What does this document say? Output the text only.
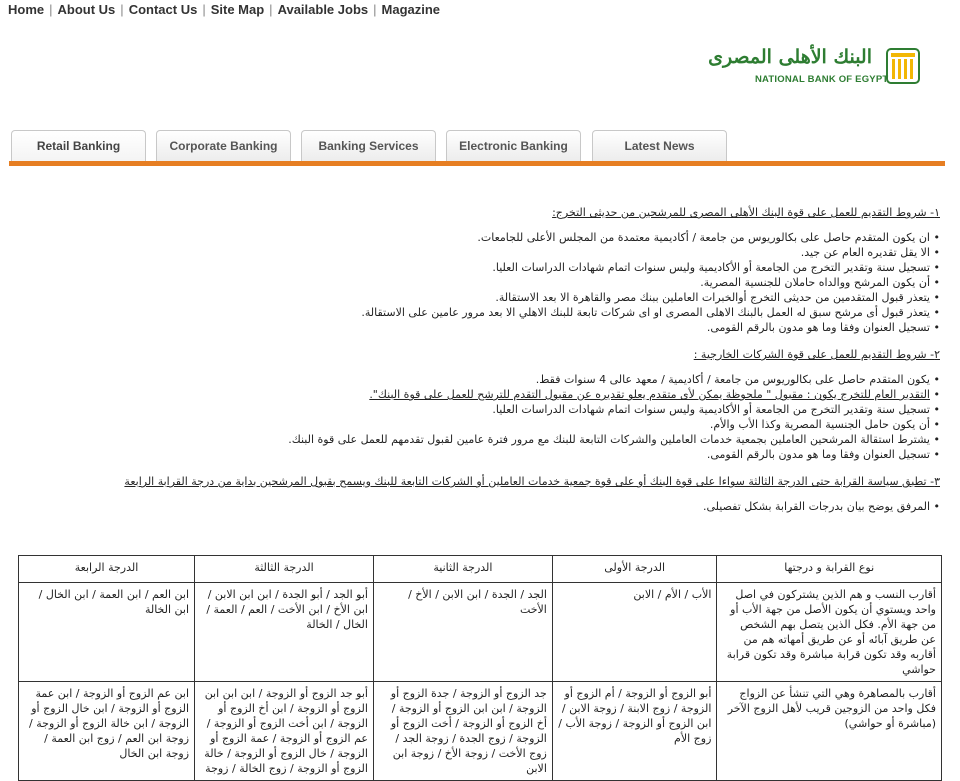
Home | About Us | Contact Us | Site Map | Available Jobs | Magazine
البنك الأهلى المصرى
NATIONAL BANK OF EGYPT
Retail Banking	Corporate Banking	Banking Services	Electronic Banking	Latest News
١- شروط التقديم للعمل على قوة البنك الأهلى المصرى للمرشحين من حديثى التخرج:
• ان يكون المتقدم حاصل على بكالوريوس من جامعة / أكاديمية معتمدة من المجلس الأعلى للجامعات.
• الا يقل تقديره العام عن جيد.
• تسجيل سنة وتقدير التخرج من الجامعة أو الأكاديمية وليس سنوات اتمام شهادات الدراسات العليا.
• أن يكون المرشح ووالداه حاملان للجنسية المصرية.
• يتعذر قبول المتقدمين من حديثى التخرج أوالخبرات العاملين ببنك مصر والقاهرة الا بعد الاستقالة.
• يتعذر قبول أى مرشح سبق له العمل بالبنك الاهلى المصرى او اى شركات تابعة للبنك الاهلي الا بعد مرور عامين على الاستقالة.
• تسجيل العنوان وفقا وما هو مدون بالرقم القومى.
٢- شروط التقديم للعمل على قوة الشركات الخارجية :
• يكون المتقدم حاصل على بكالوريوس من جامعة / أكاديمية / معهد عالى 4 سنوات فقط.
• التقدير العام للتخرج يكون : مقبول " ملحوظة يمكن لأى متقدم يعلو تقديره عن مقبول التقدم للترشح للعمل على قوة البنك".
• تسجيل سنة وتقدير التخرج من الجامعة أو الأكاديمية وليس سنوات اتمام شهادات الدراسات العليا.
• أن يكون حامل الجنسية المصرية وكذا الأب والأم.
• يشترط استقالة المرشحين العاملين بجمعية خدمات العاملين والشركات التابعة للبنك مع مرور فترة عامين لقبول تقدمهم للعمل على قوة البنك.
• تسجيل العنوان وفقا وما هو مدون بالرقم القومى.
٣- تطبق سياسة القرابة حتى الدرجة الثالثة سواءا على قوة البنك أو على قوة جمعية خدمات العاملين أو الشركات التابعة للبنك ويسمح بقبول المرشحين بداية من درجة القرابة الرابعة
• المرفق يوضح بيان بدرجات القرابة بشكل تفصيلى.
نوع القرابة و درجتها	الدرجة الأولى	الدرجة الثانية	الدرجة الثالثة	الدرجة الرابعة
أقارب النسب و هم الذين يشتركون في اصل واحد ويستوي أن يكون الأصل من جهة الأب أو من جهة الأم. فكل الذين يتصل بهم الشخص عن طريق آبائه أو عن طريق أمهاته هم من أقاربه وقد تكون قرابة مباشرة وقد تكون قرابة حواشي	الأب / الأم / الابن	الجد / الجدة / ابن الابن / الأخ / الأخت	أبو الجد / أبو الجدة / ابن ابن الابن / ابن الأخ / ابن الأخت / العم / العمة / الخال / الخالة	ابن العم / ابن العمة / ابن الخال / ابن الخالة
أقارب بالمصاهرة وهي التي تنشأ عن الزواج فكل واحد من الزوجين قريب لأهل الزوج الآخر (مباشرة أو حواشي)	أبو الزوج أو الزوجة / أم الزوج أو الزوجة / زوج الابنة / زوجة الابن / ابن الزوج أو الزوجة / زوجة الأب / زوج الأم	جد الزوج أو الزوجة / جدة الزوج أو الزوجة / ابن ابن الزوج أو الزوجة / أخ الزوج أو الزوجة / أخت الزوج أو الزوجة / زوج الجدة / زوجة الجد / زوج الأخت / زوجة الأخ / زوجة ابن الابن	أبو جد الزوج أو الزوجة / ابن ابن ابن الزوج أو الزوجة / ابن أخ الزوج أو الزوجة / ابن أخت الزوج أو الزوجة / عم الزوج أو الزوجة / عمة الزوج أو الزوجة / خال الزوج أو الزوجة / خالة الزوج أو الزوجة / زوج الخالة / زوجة	ابن عم الزوج أو الزوجة / ابن عمة الزوج أو الزوجة / ابن خال الزوج أو الزوجة / ابن خالة الزوج أو الزوجة / زوجة ابن العم / زوج ابن العمة / زوجة ابن الخال
